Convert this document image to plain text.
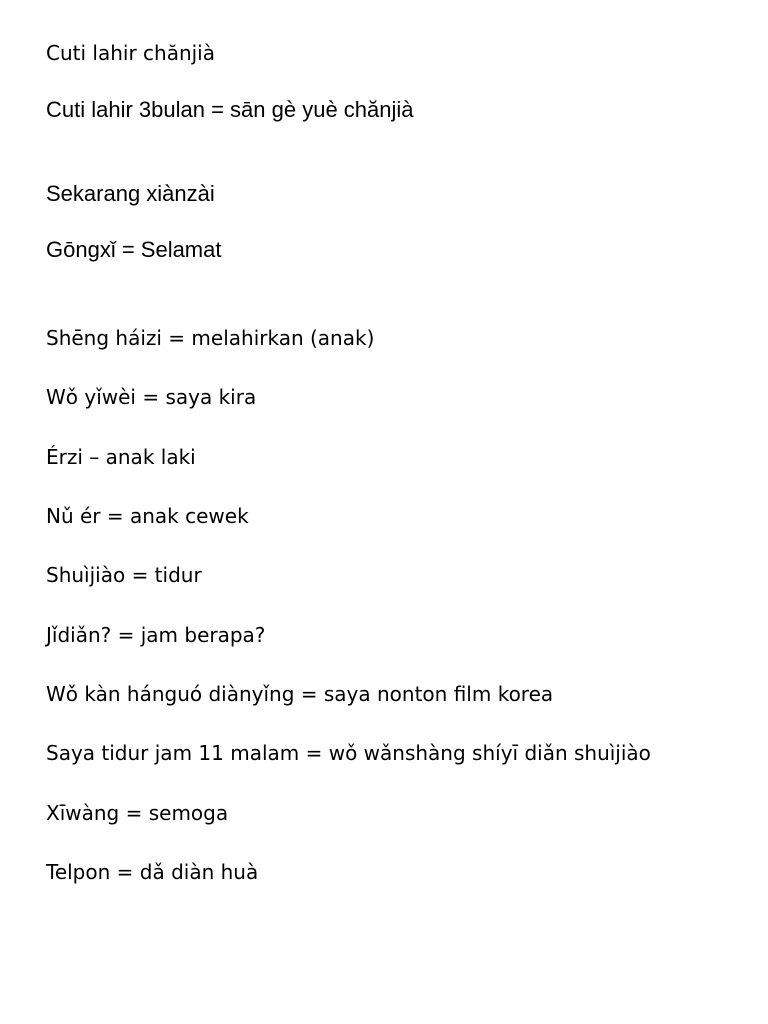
Cuti lahir chănjià
Cuti lahir 3bulan = sān gè yuè chănjià
Sekarang xiànzài
Gōngxǐ = Selamat
Shēng háizi = melahirkan (anak)
Wǒ yǐwèi = saya kira
Érzi – anak laki
Nǔ ér = anak cewek
Shuìjiào = tidur
Jǐdiǎn? = jam berapa?
Wǒ kàn hánguó diànyǐng = saya nonton film korea
Saya tidur jam 11 malam = wǒ wǎnshàng shíyī diǎn shuìjiào
Xīwàng = semoga
Telpon = dǎ diàn huà
